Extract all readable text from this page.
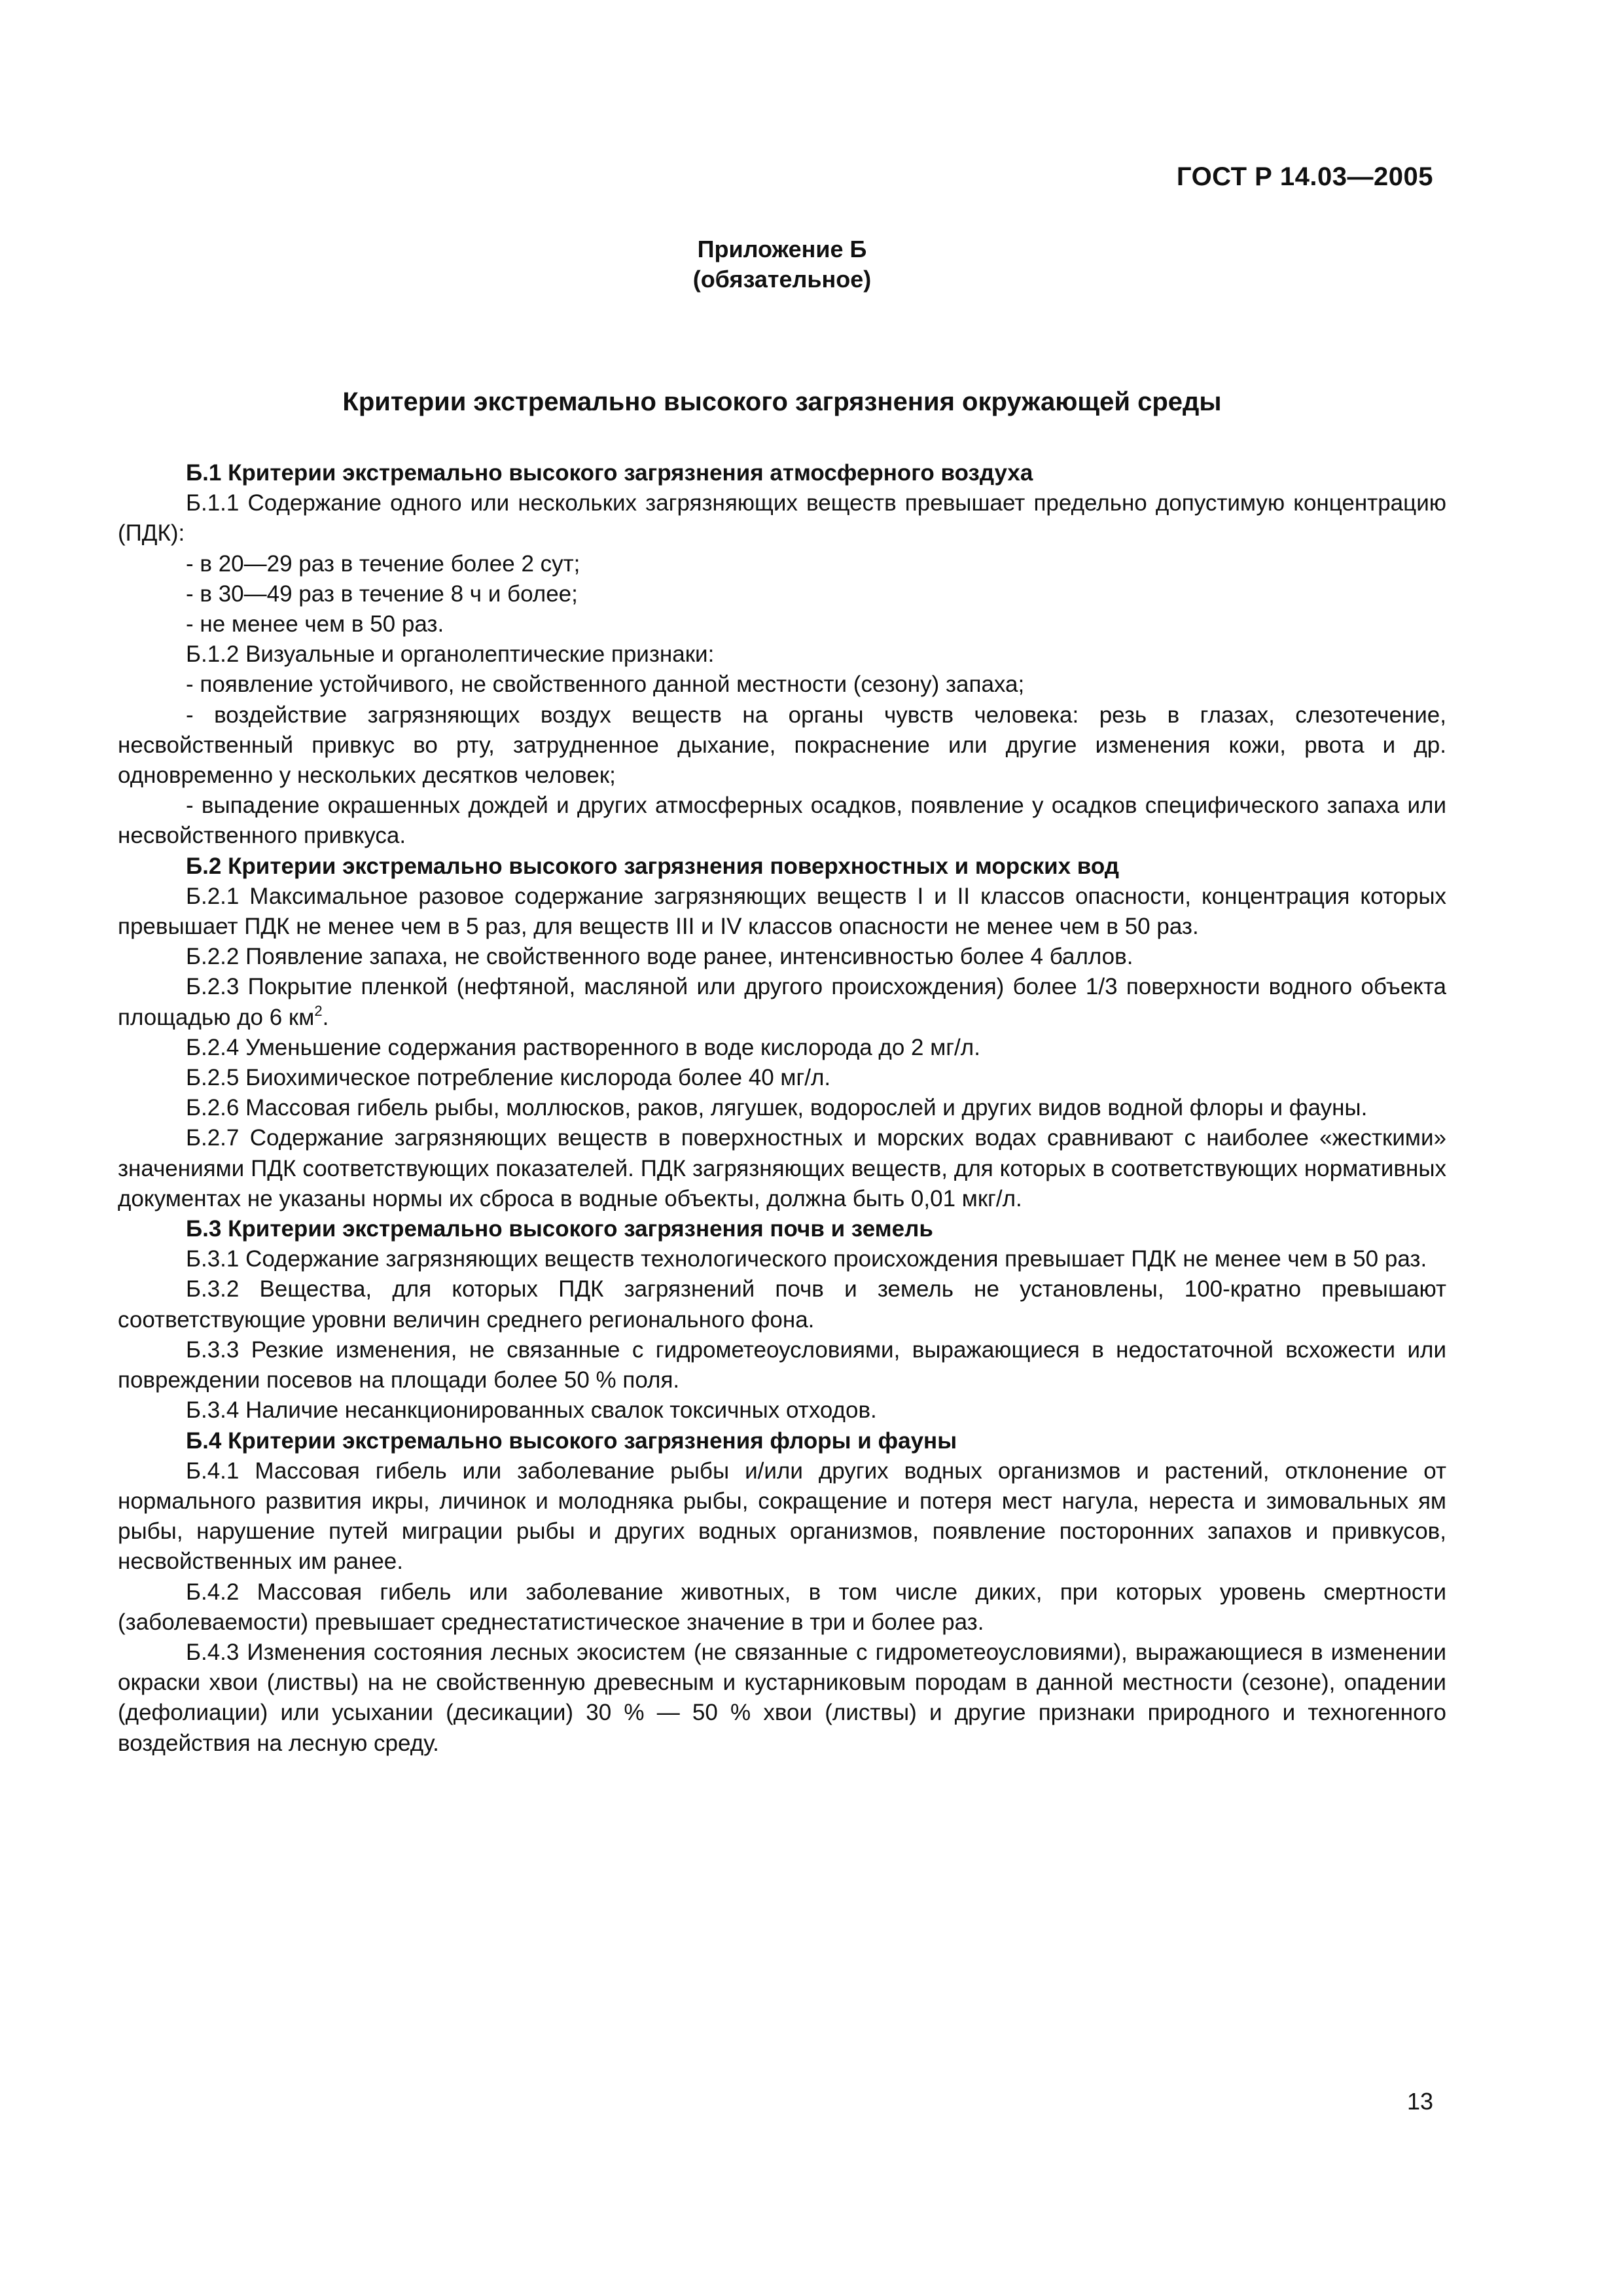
ГОСТ Р 14.03—2005
Приложение Б
(обязательное)
Критерии экстремально высокого загрязнения окружающей среды

Б.1 Критерии экстремально высокого загрязнения атмосферного воздуха

Б.1.1 Содержание одного или нескольких загрязняющих веществ превышает предельно допустимую концентрацию (ПДК):

- в 20—29 раз в течение более 2 сут;

- в 30—49 раз в течение 8 ч и более;

- не менее чем в 50 раз.

Б.1.2 Визуальные и органолептические признаки:

- появление устойчивого, не свойственного данной местности (сезону) запаха;

- воздействие загрязняющих воздух веществ на органы чувств человека: резь в глазах, слезотечение, несвойственный привкус во рту, затрудненное дыхание, покраснение или другие изменения кожи, рвота и др. одновременно у нескольких десятков человек;

- выпадение окрашенных дождей и других атмосферных осадков, появление у осадков специфического запаха или несвойственного привкуса.

Б.2 Критерии экстремально высокого загрязнения поверхностных и морских вод

Б.2.1 Максимальное разовое содержание загрязняющих веществ I и II классов опасности, концентрация которых превышает ПДК не менее чем в 5 раз, для веществ III и IV классов опасности не менее чем в 50 раз.

Б.2.2 Появление запаха, не свойственного воде ранее, интенсивностью более 4 баллов.

Б.2.3 Покрытие пленкой (нефтяной, масляной или другого происхождения) более 1/3 поверхности водного объекта площадью до 6 $км^2$.

Б.2.4 Уменьшение содержания растворенного в воде кислорода до 2 мг/л.

Б.2.5 Биохимическое потребление кислорода более 40 мг/л.

Б.2.6 Массовая гибель рыбы, моллюсков, раков, лягушек, водорослей и других видов водной флоры и фауны.

Б.2.7 Содержание загрязняющих веществ в поверхностных и морских водах сравнивают с наиболее «жесткими» значениями ПДК соответствующих показателей. ПДК загрязняющих веществ, для которых в соответствующих нормативных документах не указаны нормы их сброса в водные объекты, должна быть 0,01 мкг/л.

Б.3 Критерии экстремально высокого загрязнения почв и земель

Б.3.1 Содержание загрязняющих веществ технологического происхождения превышает ПДК не менее чем в 50 раз.

Б.3.2 Вещества, для которых ПДК загрязнений почв и земель не установлены, 100-кратно превышают соответствующие уровни величин среднего регионального фона.

Б.3.3 Резкие изменения, не связанные с гидрометеоусловиями, выражающиеся в недостаточной всхожести или повреждении посевов на площади более 50 % поля.

Б.3.4 Наличие несанкционированных свалок токсичных отходов.

Б.4 Критерии экстремально высокого загрязнения флоры и фауны

Б.4.1 Массовая гибель или заболевание рыбы и/или других водных организмов и растений, отклонение от нормального развития икры, личинок и молодняка рыбы, сокращение и потеря мест нагула, нереста и зимовальных ям рыбы, нарушение путей миграции рыбы и других водных организмов, появление посторонних запахов и привкусов, несвойственных им ранее.

Б.4.2 Массовая гибель или заболевание животных, в том числе диких, при которых уровень смертности (заболеваемости) превышает среднестатистическое значение в три и более раз.

Б.4.3 Изменения состояния лесных экосистем (не связанные с гидрометеоусловиями), выражающиеся в изменении окраски хвои (листвы) на не свойственную древесным и кустарниковым породам в данной местности (сезоне), опадении (дефолиации) или усыхании (десикации) 30 % — 50 % хвои (листвы) и другие признаки природного и техногенного воздействия на лесную среду.

13
